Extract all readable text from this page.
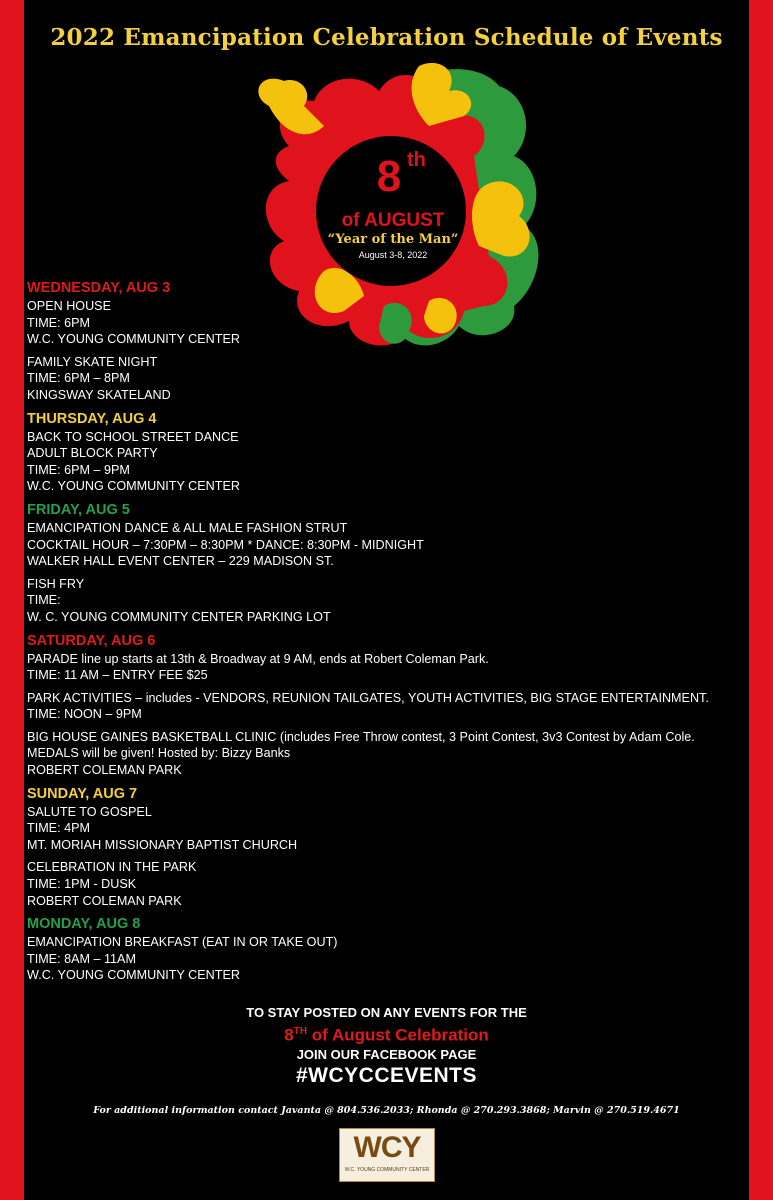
2022 Emancipation Celebration Schedule of Events
8 th
of AUGUST
“Year of the Man”
August 3-8, 2022
WEDNESDAY, AUG 3
OPEN HOUSE
TIME: 6PM
W.C. YOUNG COMMUNITY CENTER
FAMILY SKATE NIGHT
TIME: 6PM – 8PM
KINGSWAY SKATELAND
THURSDAY, AUG 4
BACK TO SCHOOL STREET DANCE
ADULT BLOCK PARTY
TIME: 6PM – 9PM
W.C. YOUNG COMMUNITY CENTER
FRIDAY, AUG 5
EMANCIPATION DANCE & ALL MALE FASHION STRUT
COCKTAIL HOUR – 7:30PM – 8:30PM * DANCE: 8:30PM - MIDNIGHT
WALKER HALL EVENT CENTER – 229 MADISON ST.
FISH FRY
TIME:
W. C. YOUNG COMMUNITY CENTER PARKING LOT
SATURDAY, AUG 6
PARADE line up starts at 13th & Broadway at 9 AM, ends at Robert Coleman Park.
TIME: 11 AM – ENTRY FEE $25
PARK ACTIVITIES – includes - VENDORS, REUNION TAILGATES, YOUTH ACTIVITIES, BIG STAGE ENTERTAINMENT.
TIME: NOON – 9PM
BIG HOUSE GAINES BASKETBALL CLINIC (includes Free Throw contest, 3 Point Contest, 3v3 Contest by Adam Cole. MEDALS will be given! Hosted by: Bizzy Banks
ROBERT COLEMAN PARK
SUNDAY, AUG 7
SALUTE TO GOSPEL
TIME: 4PM
MT. MORIAH MISSIONARY BAPTIST CHURCH
CELEBRATION IN THE PARK
TIME: 1PM - DUSK
ROBERT COLEMAN PARK
MONDAY, AUG 8
EMANCIPATION BREAKFAST (EAT IN OR TAKE OUT)
TIME: 8AM – 11AM
W.C. YOUNG COMMUNITY CENTER
TO STAY POSTED ON ANY EVENTS FOR THE
8TH of August Celebration
JOIN OUR FACEBOOK PAGE
#WCYCCEVENTS
For additional information contact Javanta @ 804.536.2033; Rhonda @ 270.293.3868; Marvin @ 270.519.4671
WCY
W.C. YOUNG COMMUNITY CENTER
